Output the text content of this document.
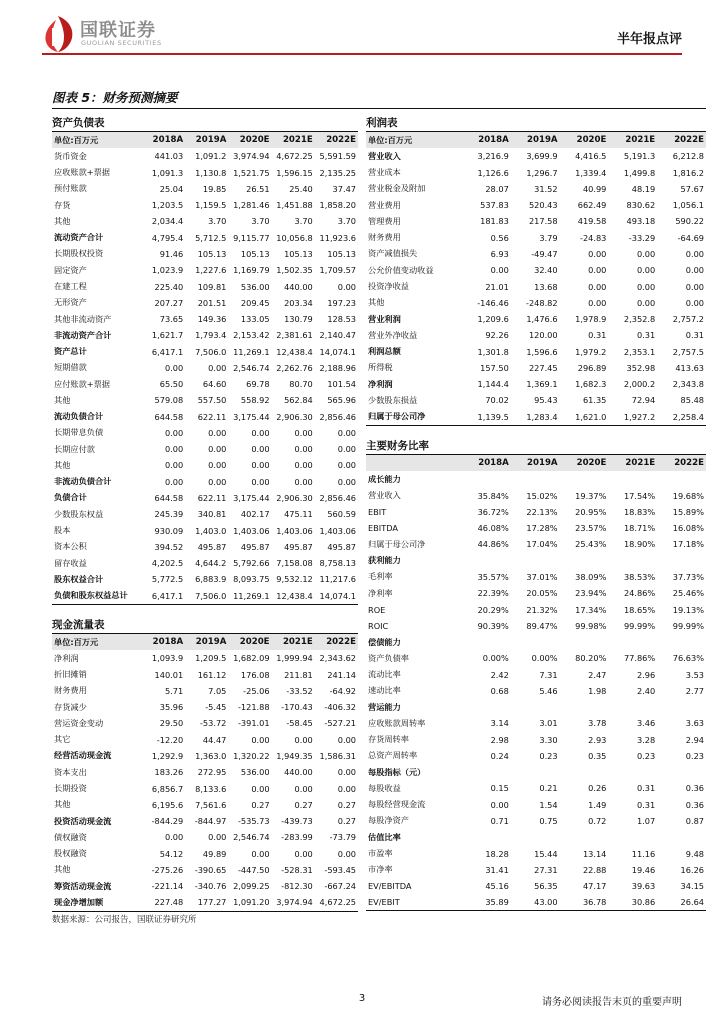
国联证券
GUOLIAN SECURITIES	半年报点评
图表 5：财务预测摘要
资产负债表
单位:百万元	2018A	2019A	2020E	2021E	2022E
货币资金	441.03	1,091.2	3,974.94	4,672.25	5,591.59
应收账款+票据	1,091.3	1,130.8	1,521.75	1,596.15	2,135.25
预付账款	25.04	19.85	26.51	25.40	37.47
存货	1,203.5	1,159.5	1,281.46	1,451.88	1,858.20
其他	2,034.4	3.70	3.70	3.70	3.70
流动资产合计	4,795.4	5,712.5	9,115.77	10,056.8	11,923.6
长期股权投资	91.46	105.13	105.13	105.13	105.13
固定资产	1,023.9	1,227.6	1,169.79	1,502.35	1,709.57
在建工程	225.40	109.81	536.00	440.00	0.00
无形资产	207.27	201.51	209.45	203.34	197.23
其他非流动资产	73.65	149.36	133.05	130.79	128.53
非流动资产合计	1,621.7	1,793.4	2,153.42	2,381.61	2,140.47
资产总计	6,417.1	7,506.0	11,269.1	12,438.4	14,074.1
短期借款	0.00	0.00	2,546.74	2,262.76	2,188.96
应付账款+票据	65.50	64.60	69.78	80.70	101.54
其他	579.08	557.50	558.92	562.84	565.96
流动负债合计	644.58	622.11	3,175.44	2,906.30	2,856.46
长期带息负债	0.00	0.00	0.00	0.00	0.00
长期应付款	0.00	0.00	0.00	0.00	0.00
其他	0.00	0.00	0.00	0.00	0.00
非流动负债合计	0.00	0.00	0.00	0.00	0.00
负债合计	644.58	622.11	3,175.44	2,906.30	2,856.46
少数股东权益	245.39	340.81	402.17	475.11	560.59
股本	930.09	1,403.0	1,403.06	1,403.06	1,403.06
资本公积	394.52	495.87	495.87	495.87	495.87
留存收益	4,202.5	4,644.2	5,792.66	7,158.08	8,758.13
股东权益合计	5,772.5	6,883.9	8,093.75	9,532.12	11,217.6
负债和股东权益总计	6,417.1	7,506.0	11,269.1	12,438.4	14,074.1
现金流量表
单位:百万元	2018A	2019A	2020E	2021E	2022E
净利润	1,093.9	1,209.5	1,682.09	1,999.94	2,343.62
折旧摊销	140.01	161.12	176.08	211.81	241.14
财务费用	5.71	7.05	-25.06	-33.52	-64.92
存货减少	35.96	-5.45	-121.88	-170.43	-406.32
营运资金变动	29.50	-53.72	-391.01	-58.45	-527.21
其它	-12.20	44.47	0.00	0.00	0.00
经营活动现金流	1,292.9	1,363.0	1,320.22	1,949.35	1,586.31
资本支出	183.26	272.95	536.00	440.00	0.00
长期投资	6,856.7	8,133.6	0.00	0.00	0.00
其他	6,195.6	7,561.6	0.27	0.27	0.27
投资活动现金流	-844.29	-844.97	-535.73	-439.73	0.27
债权融资	0.00	0.00	2,546.74	-283.99	-73.79
股权融资	54.12	49.89	0.00	0.00	0.00
其他	-275.26	-390.65	-447.50	-528.31	-593.45
筹资活动现金流	-221.14	-340.76	2,099.25	-812.30	-667.24
现金净增加额	227.48	177.27	1,091.20	3,974.94	4,672.25
利润表
单位:百万元	2018A	2019A	2020E	2021E	2022E
营业收入	3,216.9	3,699.9	4,416.5	5,191.3	6,212.8
营业成本	1,126.6	1,296.7	1,339.4	1,499.8	1,816.2
营业税金及附加	28.07	31.52	40.99	48.19	57.67
营业费用	537.83	520.43	662.49	830.62	1,056.1
管理费用	181.83	217.58	419.58	493.18	590.22
财务费用	0.56	3.79	-24.83	-33.29	-64.69
资产减值损失	6.93	-49.47	0.00	0.00	0.00
公允价值变动收益	0.00	32.40	0.00	0.00	0.00
投资净收益	21.01	13.68	0.00	0.00	0.00
其他	-146.46	-248.82	0.00	0.00	0.00
营业利润	1,209.6	1,476.6	1,978.9	2,352.8	2,757.2
营业外净收益	92.26	120.00	0.31	0.31	0.31
利润总额	1,301.8	1,596.6	1,979.2	2,353.1	2,757.5
所得税	157.50	227.45	296.89	352.98	413.63
净利润	1,144.4	1,369.1	1,682.3	2,000.2	2,343.8
少数股东损益	70.02	95.43	61.35	72.94	85.48
归属于母公司净	1,139.5	1,283.4	1,621.0	1,927.2	2,258.4
主要财务比率
	2018A	2019A	2020E	2021E	2022E
成长能力					
营业收入	35.84%	15.02%	19.37%	17.54%	19.68%
EBIT	36.72%	22.13%	20.95%	18.83%	15.89%
EBITDA	46.08%	17.28%	23.57%	18.71%	16.08%
归属于母公司净	44.86%	17.04%	25.43%	18.90%	17.18%
获利能力					
毛利率	35.57%	37.01%	38.09%	38.53%	37.73%
净利率	22.39%	20.05%	23.94%	24.86%	25.46%
ROE	20.29%	21.32%	17.34%	18.65%	19.13%
ROIC	90.39%	89.47%	99.98%	99.99%	99.99%
偿债能力					
资产负债率	0.00%	0.00%	80.20%	77.86%	76.63%
流动比率	2.42	7.31	2.47	2.96	3.53
速动比率	0.68	5.46	1.98	2.40	2.77
营运能力					
应收账款周转率	3.14	3.01	3.78	3.46	3.63
存货周转率	2.98	3.30	2.93	3.28	2.94
总资产周转率	0.24	0.23	0.35	0.23	0.23
每股指标（元）					
每股收益	0.15	0.21	0.26	0.31	0.36
每股经营现金流	0.00	1.54	1.49	0.31	0.36
每股净资产	0.71	0.75	0.72	1.07	0.87
估值比率					
市盈率	18.28	15.44	13.14	11.16	9.48
市净率	31.41	27.31	22.88	19.46	16.26
EV/EBITDA	45.16	56.35	47.17	39.63	34.15
EV/EBIT	35.89	43.00	36.78	30.86	26.64
数据来源：公司报告，国联证券研究所
3	请务必阅读报告末页的重要声明
